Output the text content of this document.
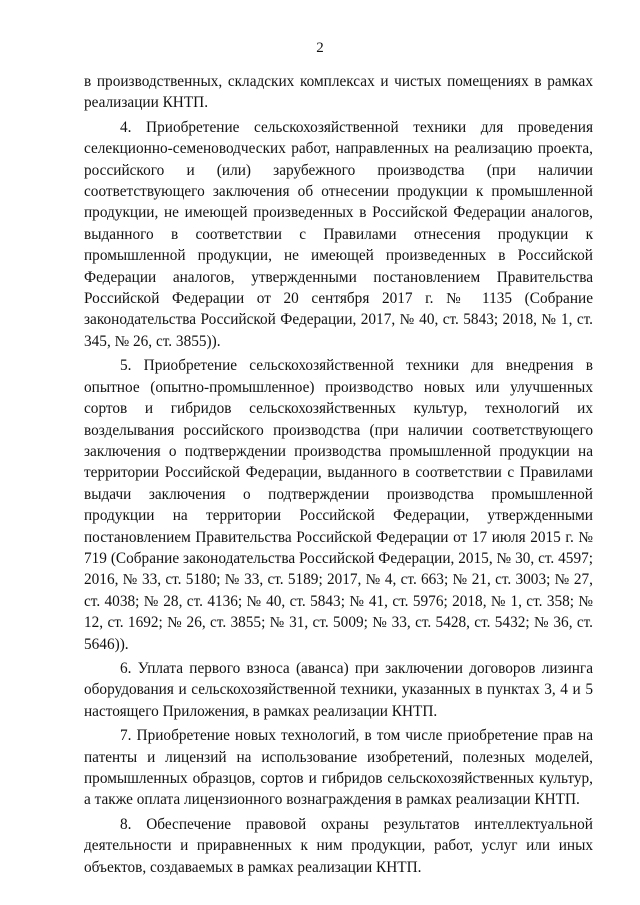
2

в производственных, складских комплексах и чистых помещениях в рамках реализации КНТП.

4. Приобретение сельскохозяйственной техники для проведения селекционно-семеноводческих работ, направленных на реализацию проекта, российского и (или) зарубежного производства (при наличии соответствующего заключения об отнесении продукции к промышленной продукции, не имеющей произведенных в Российской Федерации аналогов, выданного в соответствии с Правилами отнесения продукции к промышленной продукции, не имеющей произведенных в Российской Федерации аналогов, утвержденными постановлением Правительства Российской Федерации от 20 сентября 2017 г. № 1135 (Собрание законодательства Российской Федерации, 2017, № 40, ст. 5843; 2018, № 1, ст. 345, № 26, ст. 3855)).

5. Приобретение сельскохозяйственной техники для внедрения в опытное (опытно-промышленное) производство новых или улучшенных сортов и гибридов сельскохозяйственных культур, технологий их возделывания российского производства (при наличии соответствующего заключения о подтверждении производства промышленной продукции на территории Российской Федерации, выданного в соответствии с Правилами выдачи заключения о подтверждении производства промышленной продукции на территории Российской Федерации, утвержденными постановлением Правительства Российской Федерации от 17 июля 2015 г. № 719 (Собрание законодательства Российской Федерации, 2015, № 30, ст. 4597; 2016, № 33, ст. 5180; № 33, ст. 5189; 2017, № 4, ст. 663; № 21, ст. 3003; № 27, ст. 4038; № 28, ст. 4136; № 40, ст. 5843; № 41, ст. 5976; 2018, № 1, ст. 358; № 12, ст. 1692; № 26, ст. 3855; № 31, ст. 5009; № 33, ст. 5428, ст. 5432; № 36, ст. 5646)).

6. Уплата первого взноса (аванса) при заключении договоров лизинга оборудования и сельскохозяйственной техники, указанных в пунктах 3, 4 и 5 настоящего Приложения, в рамках реализации КНТП.

7. Приобретение новых технологий, в том числе приобретение прав на патенты и лицензий на использование изобретений, полезных моделей, промышленных образцов, сортов и гибридов сельскохозяйственных культур, а также оплата лицензионного вознаграждения в рамках реализации КНТП.

8. Обеспечение правовой охраны результатов интеллектуальной деятельности и приравненных к ним продукции, работ, услуг или иных объектов, создаваемых в рамках реализации КНТП.
